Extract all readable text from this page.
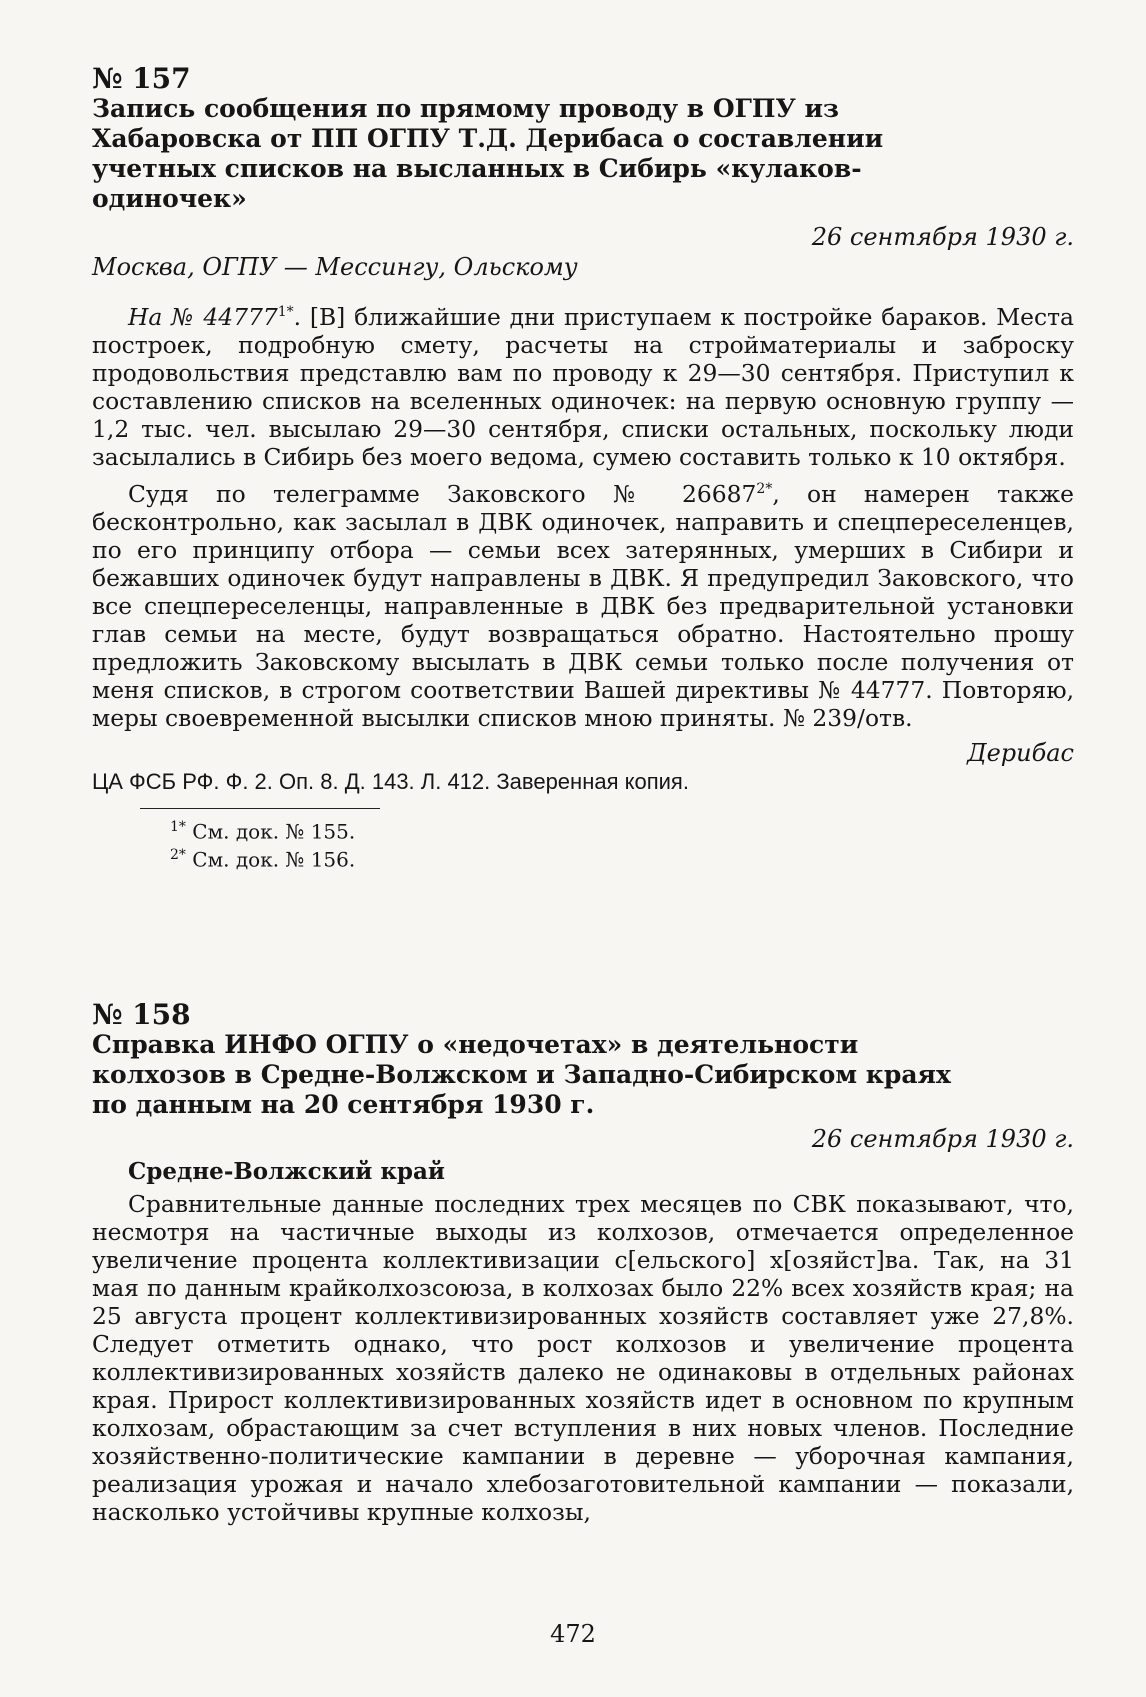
№ 157

Запись сообщения по прямому проводу в ОГПУ из Хабаровска от ПП ОГПУ Т.Д. Дерибаса о составлении учетных списков на высланных в Сибирь «кулаков-одиночек»

26 сентября 1930 г.

Москва, ОГПУ — Мессингу, Ольскому

На № $44777^{1*}$. [В] ближайшие дни приступаем к постройке бараков. Места построек, подробную смету, расчеты на стройматериалы и заброску продовольствия представлю вам по проводу к 29—30 сентября. Приступил к составлению списков на вселенных одиночек: на первую основную группу — 1,2 тыс. чел. высылаю 29—30 сентября, списки остальных, поскольку люди засылались в Сибирь без моего ведома, сумею составить только к 10 октября.

Судя по телеграмме Заковского № $26687^{2*}$, он намерен также бесконтрольно, как засылал в ДВК одиночек, направить и спецпереселенцев, по его принципу отбора — семьи всех затерянных, умерших в Сибири и бежавших одиночек будут направлены в ДВК. Я предупредил Заковского, что все спецпереселенцы, направленные в ДВК без предварительной установки глав семьи на месте, будут возвращаться обратно. Настоятельно прошу предложить Заковскому высылать в ДВК семьи только после получения от меня списков, в строгом соответствии Вашей директивы № 44777. Повторяю, меры своевременной высылки списков мною приняты. № 239/отв.

Дерибас

ЦА ФСБ РФ. Ф. 2. Оп. 8. Д. 143. Л. 412. Заверенная копия.

$^{1*}$ См. док. № 155.

$^{2*}$ См. док. № 156.

№ 158

Справка ИНФО ОГПУ о «недочетах» в деятельности колхозов в Средне-Волжском и Западно-Сибирском краях по данным на 20 сентября 1930 г.

26 сентября 1930 г.

Средне-Волжский край

Сравнительные данные последних трех месяцев по СВК показывают, что, несмотря на частичные выходы из колхозов, отмечается определенное увеличение процента коллективизации с[ельского] х[озяйст]ва. Так, на 31 мая по данным крайколхозсоюза, в колхозах было 22% всех хозяйств края; на 25 августа процент коллективизированных хозяйств составляет уже 27,8%. Следует отметить однако, что рост колхозов и увеличение процента коллективизированных хозяйств далеко не одинаковы в отдельных районах края. Прирост коллективизированных хозяйств идет в основном по крупным колхозам, обрастающим за счет вступления в них новых членов. Последние хозяйственно-политические кампании в деревне — уборочная кампания, реализация урожая и начало хлебозаготовительной кампании — показали, насколько устойчивы крупные колхозы,

472
